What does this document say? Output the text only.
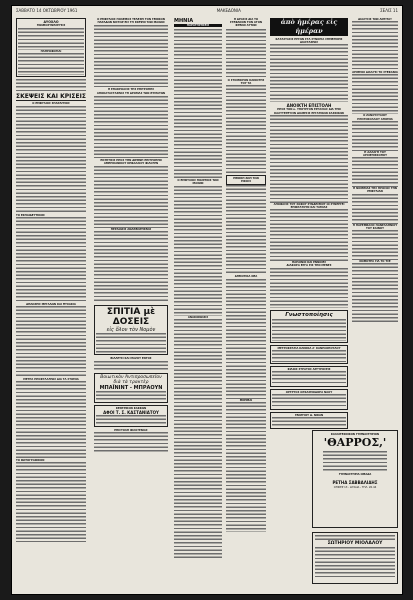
ΣΑΒΒΑΤΟ 14 ΟΚΤΩΒΡΙΟΥ 1961	ΜΑΚΕΔΟΝΙΑ	ΣΕΛΙΣ 11
ΔΥΟΧΛΟ
ΓΝΩΜΟΣΥΝΕΛΕΥΣΙΣ
ΠΛΗΡΟΦΟΡΙΑΙ
ΣΚΕΨΕΙΣ ΚΑΙ ΚΡΙΣΕΙΣ
Ο ΕΜΦΥΛΙΟΣ ΣΠΑΡΑΓΜΟΣ
ΤΟ ΕΚΠΑΙΔΕΥΤΙΚΟΝ
ΔΗΛΩΣΕΙΣ ΜΕΓΑΛΩΝ ΚΑΙ ΨΥΧΑΚΙΑ
ΜΕΤΡΑ ΠΡΟΦΥΛΑΞΕΩΣ ΔΙΑ ΤΑ ΣΤΟΜΙΑ
ΤΟ ΦΩΤΟΓΡΑΦΙΚΟΝ
Ο ΕΜΦΥΛΙΟΣ ΠΟΛΕΜΟΣ ΤΕΛΕΣΕΙ ΤΟΝ ΓΕΝΙΚΟΝ ΠΑΡΑΔΩΝ ΝΙΣΤΩΡ ΕΙΣ ΤΗ ΣΚΕΨΙΝ ΤΩΝ ΜΑΧΩΝ
Η ΕΠΑΚΡΟΑΣΙΣ ΤΗΣ ΕΠΙΤΡΟΠΗΣ ΑΠΟΚΑΤΑΣΤΑΣΕΩΣ ΤΗ ΔΡΟΜΑΣ ΤΩΝ ΘΥΜΑΤΩΝ
ΕΙΣΗΓΗΣΙΣ ΠΡΟΣ ΤΗΝ ΔΙΕΘΝΗ ΕΠΙΤΡΟΠΗΝ ΑΜΕΡΙΚΑΝΙΚΟΥ ΚΕΦΑΛΑΙΟΥ ΦΙΛΟΞΕΝ
ΠΕΡΑΙΩΣΙΣ ΑΝΑΘΕΩΡΗΣΕΩΣ
ΣΠΙΤΙΑ μὲ ΔΟΣΕΙΣ
εἰς ὅλον τὸν Νομὸν
ΒΙΛΛΕΤΣΙ ΚΑΙ ΜΑΖΟΥ ΕΝΤΟΣ
Βοιωτικὸν Ἀντιπροσωπεῖον
διὰ τὰ τρακτὲρ
ΜΠΑΪΝΙΝΤ - ΜΠΡΑΟΥΝ
ΚΕΝΤΡΙΚΟΝ ΚΑΚΚΩΝ
ΑΦΟΙ Τ. Σ. ΚΑΣΤΑΝΙΑΤΟΥ
ΕΠΙΣΤΟΛΗ ΦΙΛΟΞΕΝΙΑΣ
ΜΗΝΙΑ
ΠΑΡΑΤΗΡΗΣΕΙΣ
Ο ΕΜΦΥΛΙΟΣ ΠΟΛΕΜΟΣ ΤΩΝ ΜΑΧΩΝ
ΑΝΑΚΟΙΝΩΣΙΣ
Η ΔΡΑΣΙΣ ΔΙΑ ΤΟ ΣΤΕΦΑΝΟΝ ΤΟΝ ΑΤΟΝ ΦΡΕΩΝ ΑΥΤΩΝ
Ο ΣΤΟΜΙΚΡΟΝ ΚΑΙΝΟΤΗΣ ΤΟΥ ΤΑ
ΕΘΝΙΚΗ ΖΩΗ ΤΩΝ ΕΙΚΟΣΙ
ΔΗΜΟΤΙΚΑ ΝΕΑ
ΜΝΗΜΑΙ
ἀπὸ ἡμέρας εἰς ἡμέραν
ΚΑΤΑΣΤΑΣΙΣ ΕΡΓΩΝ ΣΤΑ ΣΥΝΟΡΙΑ ΣΗΜΕΡΙΝΗΣ ΔΙΑΣΤΑΣΕΩΣ
ΑΝΟΙΚΤΗ ΕΠΙΣΤΟΛΗ
ΠΡΟΣ ΤΟΝ κ. ΥΠΟΥΡΓΟΝ ΕΡΓΑΣΙΑΣ ΔΙΑ ΤΗΝ ΚΑΛΥΤΕΡΕΥΣΙΝ ΔΙΑΘΕΣΙΣ ΕΡΓΑΤΙΚΩΝ ΧΑΣΚΙΚΩΝ
ΑΠΟΦΑΣΙΣ ΤΟΥ ΣΟΦΟΥ ΣΥΝΔΕΣΜΟΥ ΟΙ ΣΥΝΕΡΓΕΙ ΕΠΙΚΡΑΤΟΥΝ ΚΑΙ ΤΑΜΙΑΣ
ΠΑΡΑΙΝΟΙ ΚΑΙ ΕΝΝΟΙΕΣ
ΔΙΑΦΟΡΑ ΕΡΓΑ ΕΙΣ ΤΗΝ ΜΕΝΕΣ
Γνωστοποίησις
ΜΕΤΡΟΚΡΑΤΙΑ ΚΛΙΝΙΚΑ Α' ΚΑΝΕΛΟΠΟΥΛΟΥ
ΦΙΛΙΟΣ ΣΤΡΑΤΟΣ ΑΡΓΥΡΟΣΕΙΣ
ΟΡΤΡΥΟΣ ΟΡΧΑΣΜΟΔΟΡΑ ΝΑΟΥ
ΓΕΩΡΓΙΟΥ Δ. ΝΙΚΑΝ
ΔΙΑΛΥΣΙΣ ΤΩΝ ΑΝΤΙΤΑΞ
ΑΡΙΘΜΟΙ ΔΙΑΛΥΣΙ ΤΟ ΣΤΕΦΑΝΙΑ
Ο ΖΑΝΟΥΣΤΑΙΟΥ ΠΡΩΤΟΚΟΛΛΟΥ ΑΠΟΜΙΑ
Η ΑΛΛΑΓΗ ΤΟΥ ΑΡΧΙΕΠΙΣΚΟΠΟΥ
Η ΝΟΜΙΜΑΣ ΤΗΣ ΠΡΟΣΟΣ ΤΗΝ ΕΜΦΥΛΙΑΝ
Η ΠΑΡΕΜΒΑΣΙΣ ΠΑΝΕΛΛΗΝΙΟΥ ΤΟΥ ΚΑΙΝΟΥ
ΝΟΜΟΤΕΛ ΓΙΑ ΤΟ ΤΣΕ
ΚΑΛΛΙΤΕΧΝΙΚΟΝ ΓΥΜΝΑΣΤΗΡΙΟΝ
'ΘΑΡΡΟΣ,'
ΓΥΜΝΑΣΤΗΡΙΑ ΟΜΑΔΑ
ΡΕΤΗΑ ΣΑΒΒΑΛΙΔΗΣ
ΟΠΣΙΕΡ 13 - ΔΥΣΑΙΑ - ΤΗΛ. 26.44
ΣΩΤΗΡΙΟΥ ΜΙΟΛΑΛΟΥ
